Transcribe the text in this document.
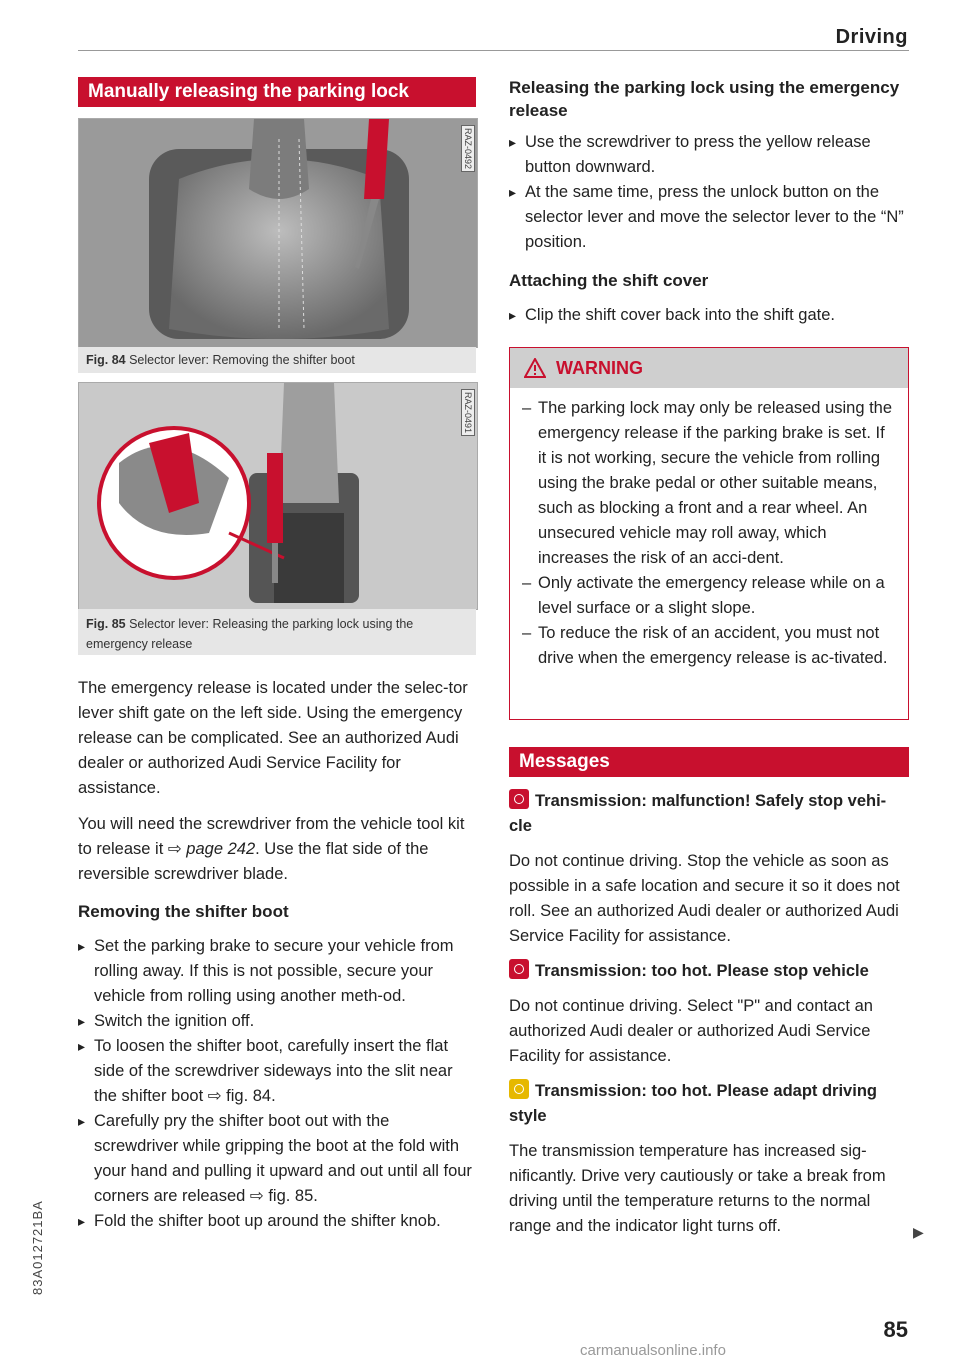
Driving
Manually releasing the parking lock
RAZ-0492
Fig. 84 Selector lever: Removing the shifter boot
RAZ-0491
Fig. 85 Selector lever: Releasing the parking lock using the emergency release

The emergency release is located under the selec-tor lever shift gate on the left side. Using the emergency release can be complicated. See an authorized Audi dealer or authorized Audi Service Facility for assistance.

You will need the screwdriver from the vehicle tool kit to release it ⇨ page 242. Use the flat side of the reversible screwdriver blade.

Removing the shifter boot
▸ Set the parking brake to secure your vehicle from rolling away. If this is not possible, secure your vehicle from rolling using another meth-od.
▸ Switch the ignition off.
▸ To loosen the shifter boot, carefully insert the flat side of the screwdriver sideways into the slit near the shifter boot ⇨ fig. 84.
▸ Carefully pry the shifter boot out with the screwdriver while gripping the boot at the fold with your hand and pulling it upward and out until all four corners are released ⇨ fig. 85.
▸ Fold the shifter boot up around the shifter knob.
Releasing the parking lock using the emergency release
▸ Use the screwdriver to press the yellow release button downward.
▸ At the same time, press the unlock button on the selector lever and move the selector lever to the “N” position.
Attaching the shift cover
▸ Clip the shift cover back into the shift gate.
WARNING
– The parking lock may only be released using the emergency release if the parking brake is set. If it is not working, secure the vehicle from rolling using the brake pedal or other suitable means, such as blocking a front and a rear wheel. An unsecured vehicle may roll away, which increases the risk of an acci-dent.
– Only activate the emergency release while on a level surface or a slight slope.
– To reduce the risk of an accident, you must not drive when the emergency release is ac-tivated.
Messages
Transmission: malfunction! Safely stop vehi-cle

Do not continue driving. Stop the vehicle as soon as possible in a safe location and secure it so it does not roll. See an authorized Audi dealer or authorized Audi Service Facility for assistance.

Transmission: too hot. Please stop vehicle

Do not continue driving. Select "P" and contact an authorized Audi dealer or authorized Audi Service Facility for assistance.

Transmission: too hot. Please adapt driving style

The transmission temperature has increased sig-nificantly. Drive very cautiously or take a break from driving until the temperature returns to the normal range and the indicator light turns off.	▶
83A012721BA
85
carmanualsonline.info
